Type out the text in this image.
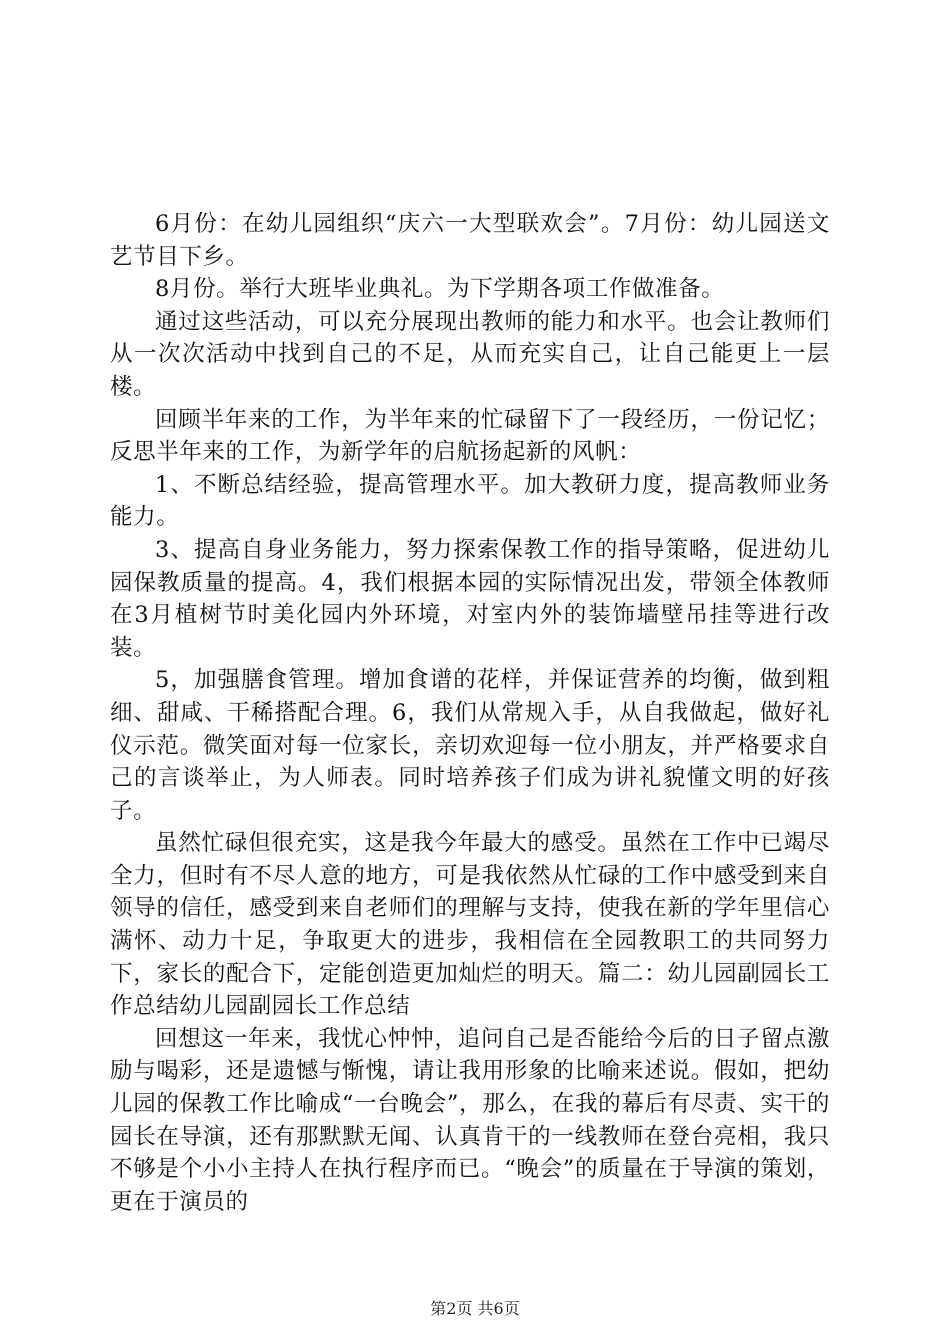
6月份：在幼儿园组织“庆六一大型联欢会”。7月份：幼儿园送文艺节目下乡。

8月份。举行大班毕业典礼。为下学期各项工作做准备。

通过这些活动，可以充分展现出教师的能力和水平。也会让教师们从一次次活动中找到自己的不足，从而充实自己，让自己能更上一层楼。

回顾半年来的工作，为半年来的忙碌留下了一段经历，一份记忆；反思半年来的工作，为新学年的启航扬起新的风帆：

1、不断总结经验，提高管理水平。加大教研力度，提高教师业务能力。

3、提高自身业务能力，努力探索保教工作的指导策略，促进幼儿园保教质量的提高。4，我们根据本园的实际情况出发，带领全体教师在3月植树节时美化园内外环境，对室内外的装饰墙壁吊挂等进行改装。

5，加强膳食管理。增加食谱的花样，并保证营养的均衡，做到粗细、甜咸、干稀搭配合理。6，我们从常规入手，从自我做起，做好礼仪示范。微笑面对每一位家长，亲切欢迎每一位小朋友，并严格要求自己的言谈举止，为人师表。同时培养孩子们成为讲礼貌懂文明的好孩子。

虽然忙碌但很充实，这是我今年最大的感受。虽然在工作中已竭尽全力，但时有不尽人意的地方，可是我依然从忙碌的工作中感受到来自领导的信任，感受到来自老师们的理解与支持，使我在新的学年里信心满怀、动力十足，争取更大的进步，我相信在全园教职工的共同努力下，家长的配合下，定能创造更加灿烂的明天。篇二：幼儿园副园长工作总结幼儿园副园长工作总结

回想这一年来，我忧心忡忡，追问自己是否能给今后的日子留点激励与喝彩，还是遗憾与惭愧，请让我用形象的比喻来述说。假如，把幼儿园的保教工作比喻成“一台晚会”，那么，在我的幕后有尽责、实干的园长在导演，还有那默默无闻、认真肯干的一线教师在登台亮相，我只不够是个小小主持人在执行程序而已。“晚会”的质量在于导演的策划，更在于演员的

第2页 共6页
